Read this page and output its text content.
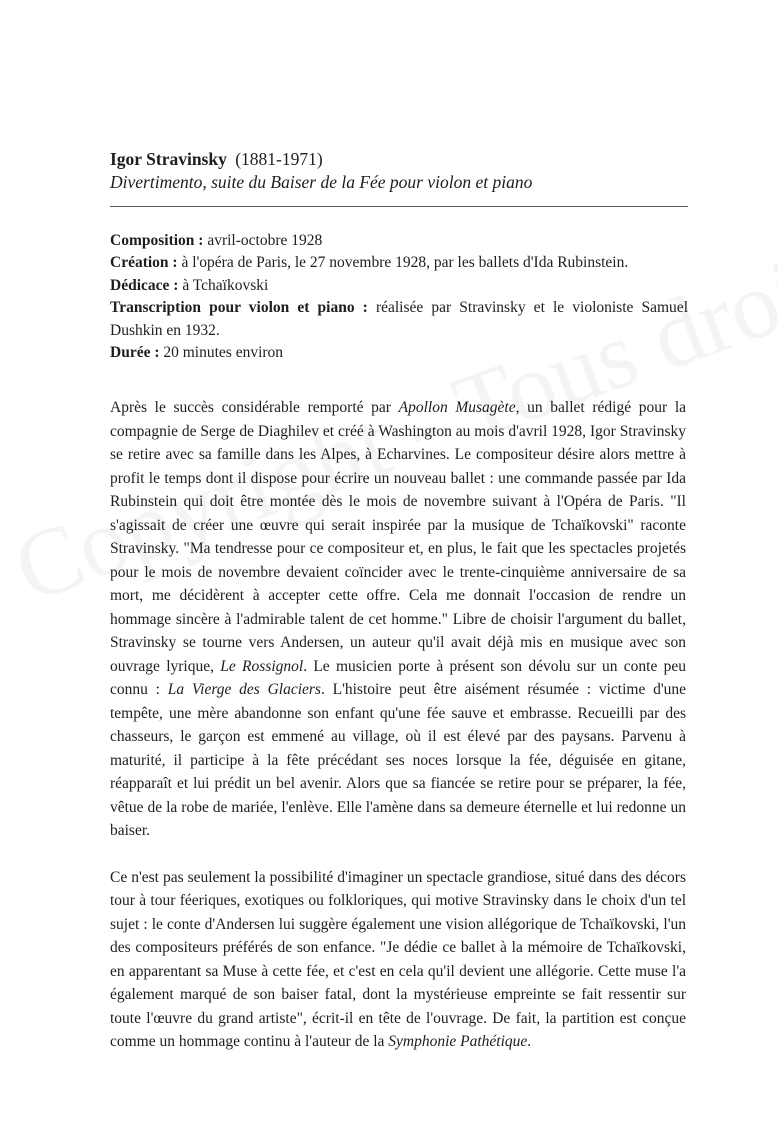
Igor Stravinsky (1881-1971)
Divertimento, suite du Baiser de la Fée pour violon et piano
Composition : avril-octobre 1928
Création : à l'opéra de Paris, le 27 novembre 1928, par les ballets d'Ida Rubinstein.
Dédicace : à Tchaïkovski
Transcription pour violon et piano : réalisée par Stravinsky et le violoniste Samuel Dushkin en 1932.
Durée : 20 minutes environ

Après le succès considérable remporté par Apollon Musagète, un ballet rédigé pour la compagnie de Serge de Diaghilev et créé à Washington au mois d'avril 1928, Igor Stravinsky se retire avec sa famille dans les Alpes, à Echarvines. Le compositeur désire alors mettre à profit le temps dont il dispose pour écrire un nouveau ballet : une commande passée par Ida Rubinstein qui doit être montée dès le mois de novembre suivant à l'Opéra de Paris. "Il s'agissait de créer une œuvre qui serait inspirée par la musique de Tchaïkovski" raconte Stravinsky. "Ma tendresse pour ce compositeur et, en plus, le fait que les spectacles projetés pour le mois de novembre devaient coïncider avec le trente-cinquième anniversaire de sa mort, me décidèrent à accepter cette offre. Cela me donnait l'occasion de rendre un hommage sincère à l'admirable talent de cet homme." Libre de choisir l'argument du ballet, Stravinsky se tourne vers Andersen, un auteur qu'il avait déjà mis en musique avec son ouvrage lyrique, Le Rossignol. Le musicien porte à présent son dévolu sur un conte peu connu : La Vierge des Glaciers. L'histoire peut être aisément résumée : victime d'une tempête, une mère abandonne son enfant qu'une fée sauve et embrasse. Recueilli par des chasseurs, le garçon est emmené au village, où il est élevé par des paysans. Parvenu à maturité, il participe à la fête précédant ses noces lorsque la fée, déguisée en gitane, réapparaît et lui prédit un bel avenir. Alors que sa fiancée se retire pour se préparer, la fée, vêtue de la robe de mariée, l'enlève. Elle l'amène dans sa demeure éternelle et lui redonne un baiser.

Ce n'est pas seulement la possibilité d'imaginer un spectacle grandiose, situé dans des décors tour à tour féeriques, exotiques ou folkloriques, qui motive Stravinsky dans le choix d'un tel sujet : le conte d'Andersen lui suggère également une vision allégorique de Tchaïkovski, l'un des compositeurs préférés de son enfance. "Je dédie ce ballet à la mémoire de Tchaïkovski, en apparentant sa Muse à cette fée, et c'est en cela qu'il devient une allégorie. Cette muse l'a également marqué de son baiser fatal, dont la mystérieuse empreinte se fait ressentir sur toute l'œuvre du grand artiste", écrit-il en tête de l'ouvrage. De fait, la partition est conçue comme un hommage continu à l'auteur de la Symphonie Pathétique.
